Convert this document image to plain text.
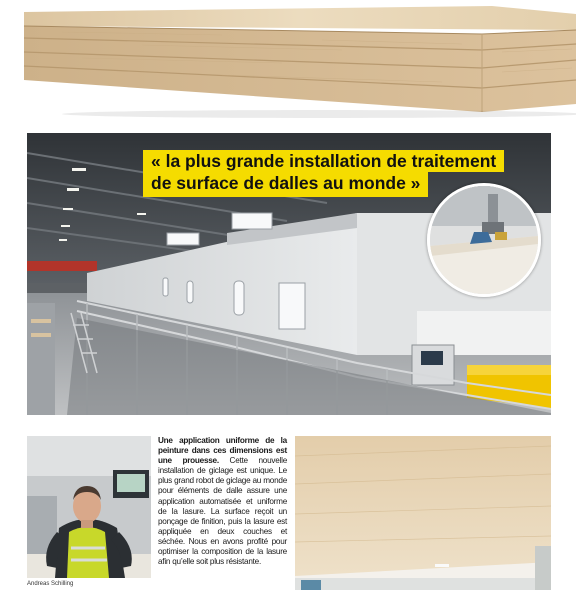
« la plus grande installation de traitement
de surface de dalles au monde »
Andreas Schilling
Une application uniforme de la peinture dans ces dimensions est une prouesse. Cette nouvelle installation de giclage est unique. Le plus grand robot de giclage au monde pour éléments de dalle assure une application automatisée et uniforme de la lasure. La surface reçoit un ponçage de finition, puis la lasure est appliquée en deux couches et séchée. Nous en avons profité pour optimiser la composition de la lasure afin qu’elle soit plus résistante.
